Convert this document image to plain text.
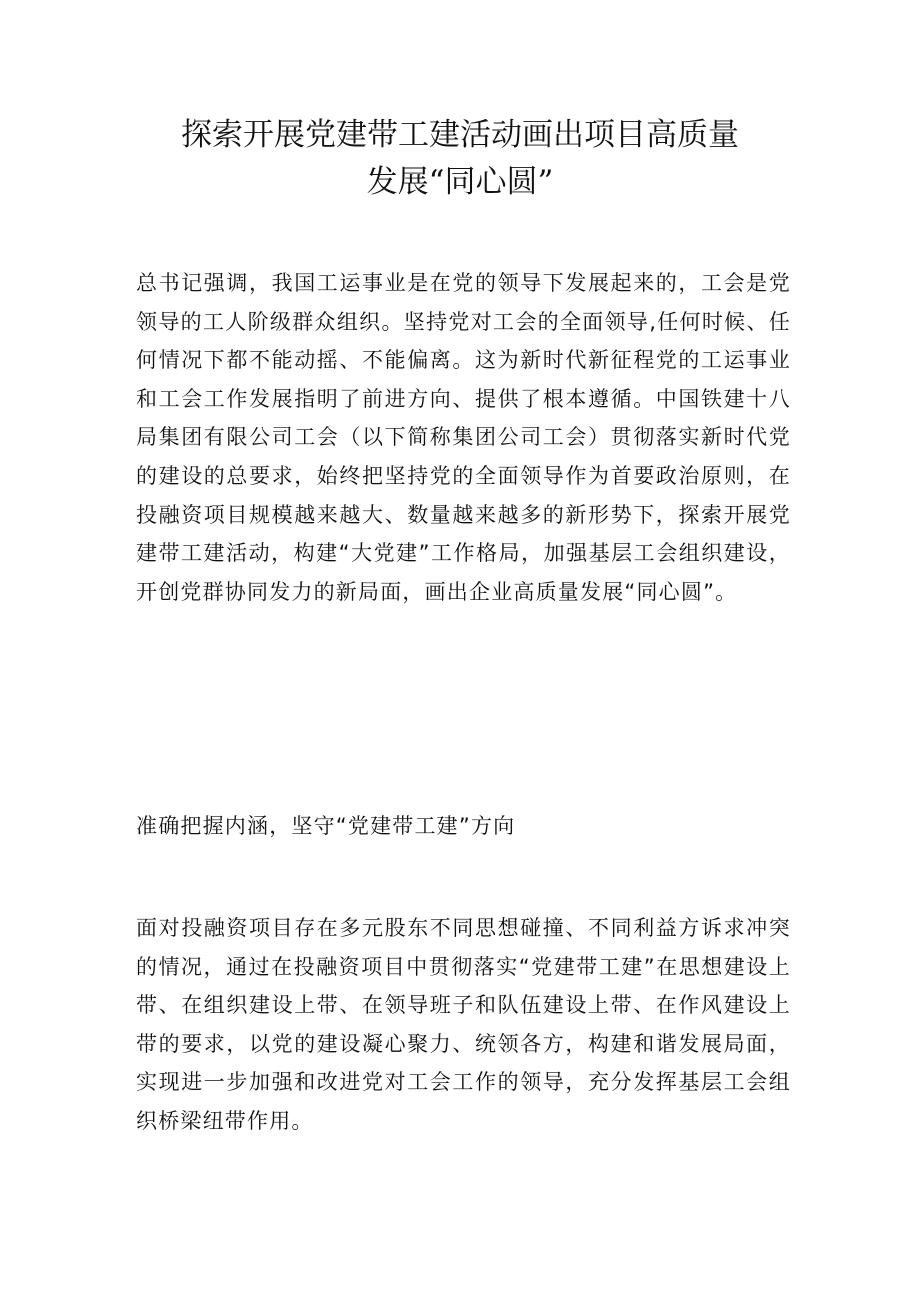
探索开展党建带工建活动画出项目高质量
发展“同心圆”

总书记强调，我国工运事业是在党的领导下发展起来的，工会是党领导的工人阶级群众组织。坚持党对工会的全面领导,任何时候、任何情况下都不能动摇、不能偏离。这为新时代新征程党的工运事业和工会工作发展指明了前进方向、提供了根本遵循。中国铁建十八局集团有限公司工会（以下简称集团公司工会）贯彻落实新时代党的建设的总要求，始终把坚持党的全面领导作为首要政治原则，在投融资项目规模越来越大、数量越来越多的新形势下，探索开展党建带工建活动，构建“大党建”工作格局，加强基层工会组织建设，开创党群协同发力的新局面，画出企业高质量发展“同心圆”。

准确把握内涵，坚守“党建带工建”方向

面对投融资项目存在多元股东不同思想碰撞、不同利益方诉求冲突的情况，通过在投融资项目中贯彻落实“党建带工建”在思想建设上带、在组织建设上带、在领导班子和队伍建设上带、在作风建设上带的要求，以党的建设凝心聚力、统领各方，构建和谐发展局面，实现进一步加强和改进党对工会工作的领导，充分发挥基层工会组织桥梁纽带作用。
